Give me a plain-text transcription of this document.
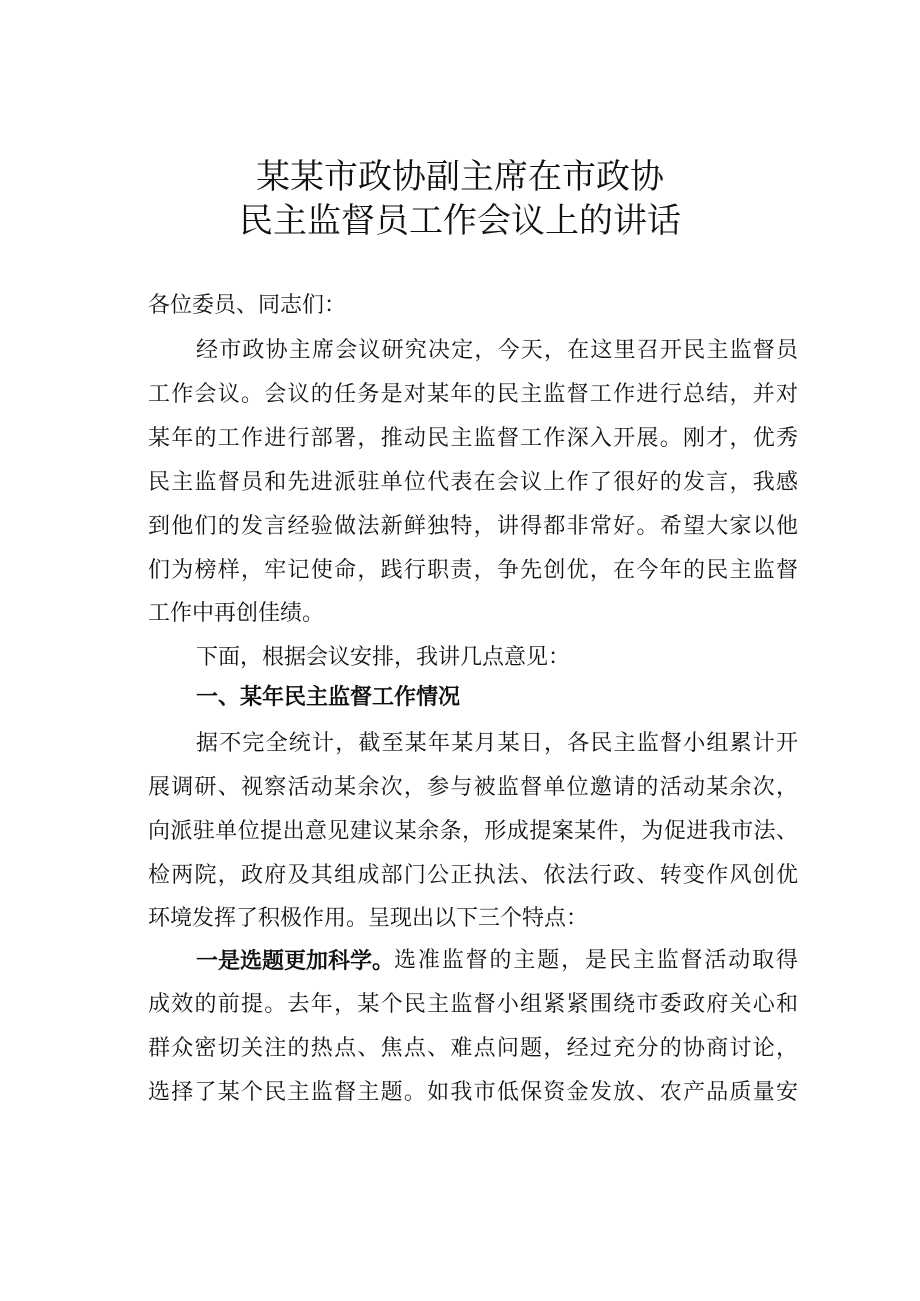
某某市政协副主席在市政协
民主监督员工作会议上的讲话
各位委员、同志们：
经市政协主席会议研究决定，今天，在这里召开民主监督员
工作会议。会议的任务是对某年的民主监督工作进行总结，并对
某年的工作进行部署，推动民主监督工作深入开展。刚才，优秀
民主监督员和先进派驻单位代表在会议上作了很好的发言，我感
到他们的发言经验做法新鲜独特，讲得都非常好。希望大家以他
们为榜样，牢记使命，践行职责，争先创优，在今年的民主监督
工作中再创佳绩。
下面，根据会议安排，我讲几点意见：
一、某年民主监督工作情况
据不完全统计，截至某年某月某日，各民主监督小组累计开
展调研、视察活动某余次，参与被监督单位邀请的活动某余次，
向派驻单位提出意见建议某余条，形成提案某件，为促进我市法、
检两院，政府及其组成部门公正执法、依法行政、转变作风创优
环境发挥了积极作用。呈现出以下三个特点：
一是选题更加科学。 选准监督的主题，是民主监督活动取得
成效的前提。去年，某个民主监督小组紧紧围绕市委政府关心和
群众密切关注的热点、焦点、难点问题，经过充分的协商讨论，
选择了某个民主监督主题。如我市低保资金发放、农产品质量安
